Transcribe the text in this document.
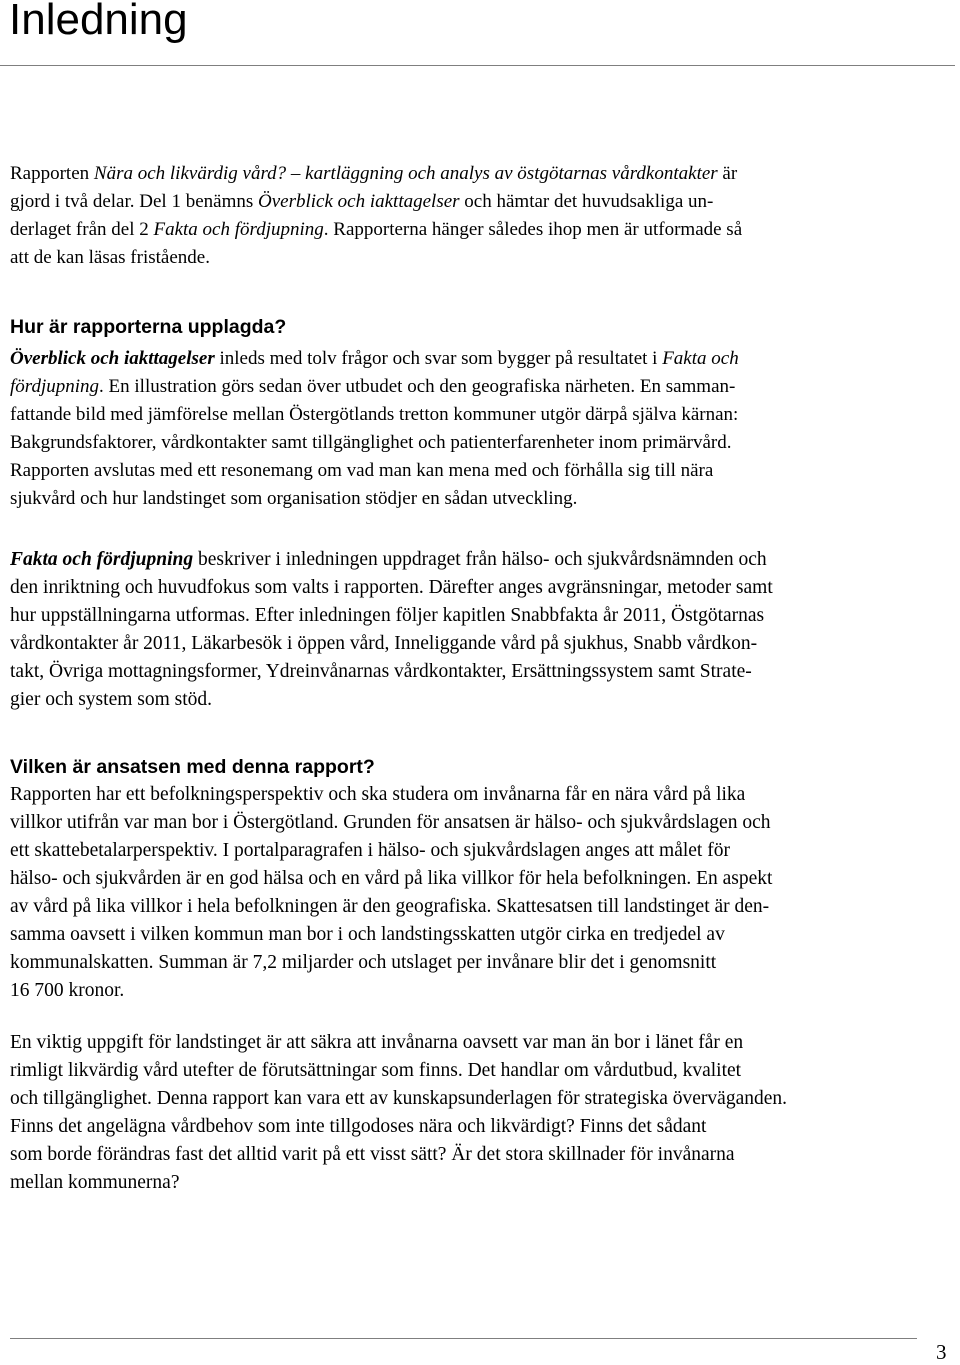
Inledning
Rapporten Nära och likvärdig vård? – kartläggning och analys av östgötarnas vårdkontakter är
gjord i två delar. Del 1 benämns Överblick och iakttagelser och hämtar det huvudsakliga un-
derlaget från del 2 Fakta och fördjupning. Rapporterna hänger således ihop men är utformade så
att de kan läsas fristående.
Hur är rapporterna upplagda?
Överblick och iakttagelser inleds med tolv frågor och svar som bygger på resultatet i Fakta och
fördjupning. En illustration görs sedan över utbudet och den geografiska närheten. En samman-
fattande bild med jämförelse mellan Östergötlands tretton kommuner utgör därpå själva kärnan:
Bakgrundsfaktorer, vårdkontakter samt tillgänglighet och patienterfarenheter inom primärvård.
Rapporten avslutas med ett resonemang om vad man kan mena med och förhålla sig till nära
sjukvård och hur landstinget som organisation stödjer en sådan utveckling.
Fakta och fördjupning beskriver i inledningen uppdraget från hälso- och sjukvårdsnämnden och
den inriktning och huvudfokus som valts i rapporten. Därefter anges avgränsningar, metoder samt
hur uppställningarna utformas. Efter inledningen följer kapitlen Snabbfakta år 2011, Östgötarnas
vårdkontakter år 2011, Läkarbesök i öppen vård, Inneliggande vård på sjukhus, Snabb vårdkon-
takt, Övriga mottagningsformer, Ydreinvånarnas vårdkontakter, Ersättningssystem samt Strate-
gier och system som stöd.
Vilken är ansatsen med denna rapport?
Rapporten har ett befolkningsperspektiv och ska studera om invånarna får en nära vård på lika
villkor utifrån var man bor i Östergötland. Grunden för ansatsen är hälso- och sjukvårdslagen och
ett skattebetalarperspektiv. I portalparagrafen i hälso- och sjukvårdslagen anges att målet för
hälso- och sjukvården är en god hälsa och en vård på lika villkor för hela befolkningen. En aspekt
av vård på lika villkor i hela befolkningen är den geografiska. Skattesatsen till landstinget är den-
samma oavsett i vilken kommun man bor i och landstingsskatten utgör cirka en tredjedel av
kommunalskatten. Summan är 7,2 miljarder och utslaget per invånare blir det i genomsnitt
16 700 kronor.
En viktig uppgift för landstinget är att säkra att invånarna oavsett var man än bor i länet får en
rimligt likvärdig vård utefter de förutsättningar som finns. Det handlar om vårdutbud, kvalitet
och tillgänglighet. Denna rapport kan vara ett av kunskapsunderlagen för strategiska överväganden.
Finns det angelägna vårdbehov som inte tillgodoses nära och likvärdigt? Finns det sådant
som borde förändras fast det alltid varit på ett visst sätt? Är det stora skillnader för invånarna
mellan kommunerna?
3
